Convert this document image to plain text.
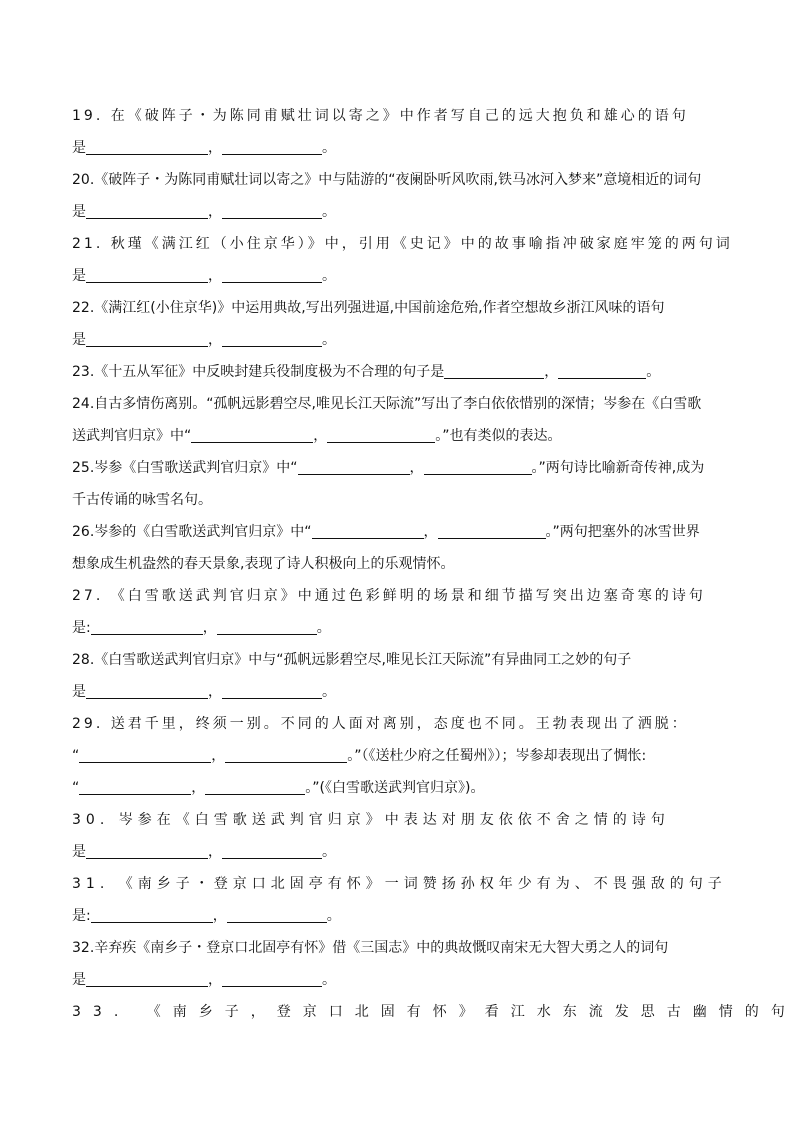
19. 在《破阵子・为陈同甫赋壮词以寄之》中作者写自己的远大抱负和雄心的语句
是	，	。
20.《破阵子・为陈同甫赋壮词以寄之》中与陆游的“夜阑卧听风吹雨,铁马冰河入梦来”意境相近的词句
是	，	。
21. 秋瑾《满江红（小住京华）》中，引用《史记》中的故事喻指冲破家庭牢笼的两句词
是	，	。
22.《满江红(小住京华)》中运用典故,写出列强进逼,中国前途危殆,作者空想故乡浙江风味的语句
是	，	。
23.《十五从军征》中反映封建兵役制度极为不合理的句子是	，	。
24.自古多情伤离别。“孤帆远影碧空尽,唯见长江天际流”写出了李白依依惜别的深情；岑参在《白雪歌
送武判官归京》中“	，	。”也有类似的表达。
25.岑参《白雪歌送武判官归京》中“	，	。”两句诗比喻新奇传神,成为
千古传诵的咏雪名句。
26.岑参的《白雪歌送武判官归京》中“	，	。”两句把塞外的冰雪世界
想象成生机盎然的春天景象,表现了诗人积极向上的乐观情怀。
27. 《白雪歌送武判官归京》中通过色彩鲜明的场景和细节描写突出边塞奇寒的诗句
是:	，	。
28.《白雪歌送武判官归京》中与“孤帆远影碧空尽,唯见长江天际流”有异曲同工之妙的句子
是	，	。
29. 送君千里，终须一别。不同的人面对离别，态度也不同。王勃表现出了洒脱：
“	，	。”（《送杜少府之任蜀州》）；岑参却表现出了惆怅:
“	，	。”(《白雪歌送武判官归京》)。
30. 岑参在《白雪歌送武判官归京》中表达对朋友依依不舍之情的诗句
是	，	。
31. 《南乡子・登京口北固亭有怀》一词赞扬孙权年少有为、不畏强敌的句子
是:	，	。
32.辛弃疾《南乡子・登京口北固亭有怀》借《三国志》中的典故慨叹南宋无大智大勇之人的词句
是	，	。
33. 《南乡子，登京口北固有怀》看江水东流发思古幽情的句
